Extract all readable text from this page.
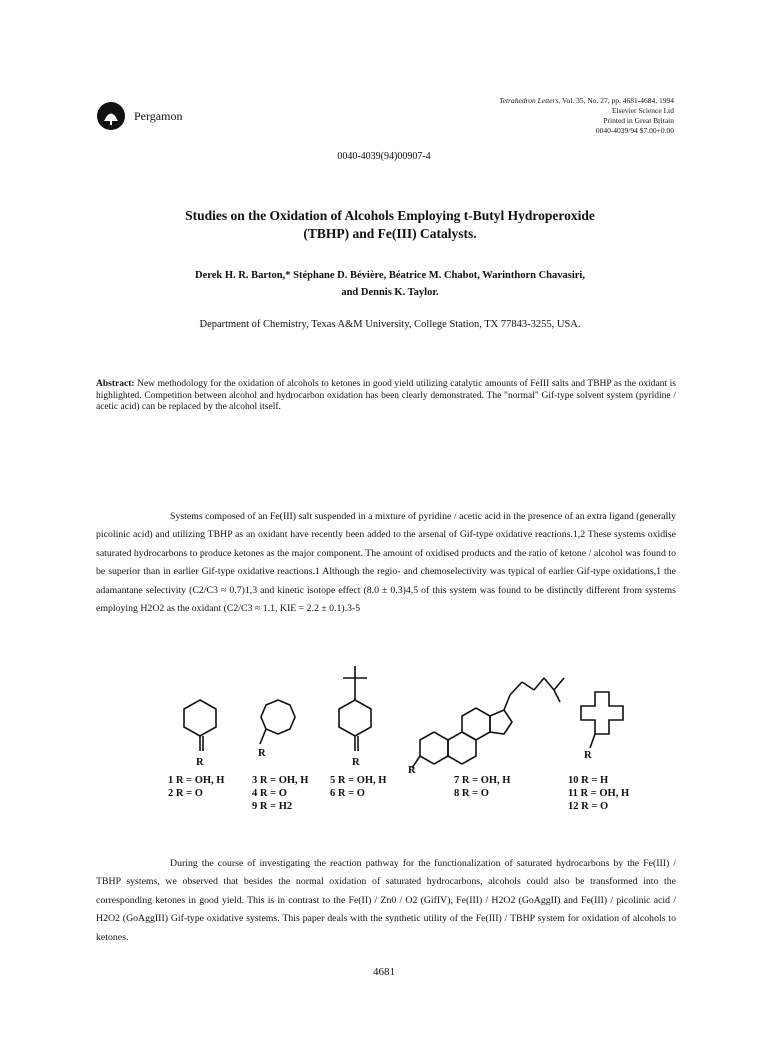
Pergamon
Tetrahedron Letters, Vol. 35, No. 27, pp. 4681-4684, 1994
Elsevier Science Ltd
Printed in Great Britain
0040-4039/94 $7.00+0.00
0040-4039(94)00907-4
Studies on the Oxidation of Alcohols Employing t-Butyl Hydroperoxide
(TBHP) and Fe(III) Catalysts.
Derek H. R. Barton,* Stéphane D. Bévière, Béatrice M. Chabot, Warinthorn Chavasiri,
and Dennis K. Taylor.
Department of Chemistry, Texas A&M University, College Station, TX 77843-3255, USA.
Abstract: New methodology for the oxidation of alcohols to ketones in good yield utilizing catalytic amounts of FeIII salts and TBHP as the oxidant is highlighted. Competition between alcohol and hydrocarbon oxidation has been clearly demonstrated. The "normal" Gif-type solvent system (pyridine / acetic acid) can be replaced by the alcohol itself.
Systems composed of an Fe(III) salt suspended in a mixture of pyridine / acetic acid in the presence of an extra ligand (generally picolinic acid) and utilizing TBHP as an oxidant have recently been added to the arsenal of Gif-type oxidative reactions.1,2 These systems oxidise saturated hydrocarbons to produce ketones as the major component. The amount of oxidised products and the ratio of ketone / alcohol was found to be superior than in earlier Gif-type oxidative reactions.1 Although the regio- and chemoselectivity was typical of earlier Gif-type oxidations,1 the adamantane selectivity (C2/C3 ≈ 0.7)1,3 and kinetic isotope effect (8.0 ± 0.3)4,5 of this system was found to be distinctly different from systems employing H2O2 as the oxidant (C2/C3 ≈ 1.1, KIE = 2.2 ± 0.1).3-5
R
R
R
R
R
1 R = OH, H
2 R = O
3 R = OH, H
4 R = O
9 R = H2
5 R = OH, H
6 R = O
7 R = OH, H
8 R = O
10 R = H
11 R = OH, H
12 R = O
During the course of investigating the reaction pathway for the functionalization of saturated hydrocarbons by the Fe(III) / TBHP systems, we observed that besides the normal oxidation of saturated hydrocarbons, alcohols could also be transformed into the corresponding ketones in good yield. This is in contrast to the Fe(II) / Zn0 / O2 (GifIV), Fe(III) / H2O2 (GoAggII) and Fe(III) / picolinic acid / H2O2 (GoAggIII) Gif-type oxidative systems. This paper deals with the synthetic utility of the Fe(III) / TBHP system for oxidation of alcohols to ketones.
4681
